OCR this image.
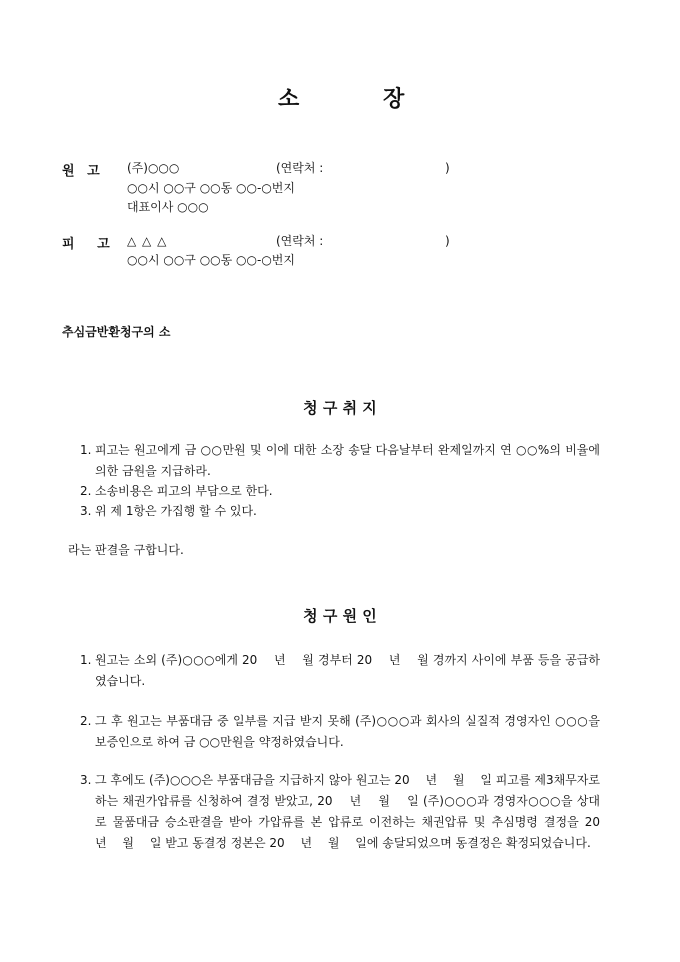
소	장
원 고 (주)○○○	(연락처 :	)
○○시 ○○구 ○○동 ○○-○번지
대표이사 ○○○
피 고 △ △ △	(연락처 :	)
○○시 ○○구 ○○동 ○○-○번지
추심금반환청구의 소
청 구 취 지
1. 피고는 원고에게 금 ○○만원 및 이에 대한 소장 송달 다음날부터 완제일까지 연 ○○%의 비율에 의한 금원을 지급하라.
2. 소송비용은 피고의 부담으로 한다.
3. 위 제 1항은 가집행 할 수 있다.
라는 판결을 구합니다.
청 구 원 인
1. 원고는 소외 (주)○○○에게 20　 년　 월 경부터 20　 년　 월 경까지 사이에 부품 등을 공급하였습니다.
2. 그 후 원고는 부품대금 중 일부를 지급 받지 못해 (주)○○○과 회사의 실질적 경영자인 ○○○을 보증인으로 하여 금 ○○만원을 약정하였습니다.
3. 그 후에도 (주)○○○은 부품대금을 지급하지 않아 원고는 20　 년　 월　 일 피고를 제3채무자로 하는 채권가압류를 신청하여 결정 받았고, 20　 년　 월　 일 (주)○○○과 경영자○○○을 상대로 물품대금 승소판결을 받아 가압류를 본 압류로 이전하는 채권압류 및 추심명령 결정을 20　 년　 월　 일 받고 동결정 정본은 20　 년　 월　 일에 송달되었으며 동결정은 확정되었습니다.
